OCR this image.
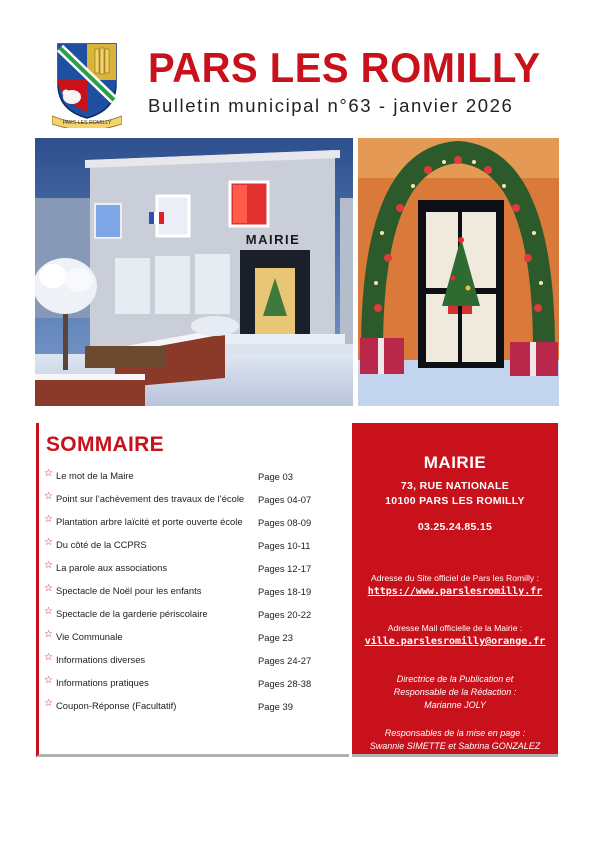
PARS LES ROMILLY
PARS LES ROMILLY
Bulletin municipal n°63 - janvier 2026
MAIRIE
SOMMAIRE
☆ Le mot de la Maire	Page 03
☆ Point sur l’achèvement des travaux de l’école Pages 04-07
☆ Plantation arbre laïcité et porte ouverte école Pages 08-09
☆ Du côté de la CCPRS	Pages 10-11
☆ La parole aux associations	Pages 12-17
☆ Spectacle de Noël pour les enfants	Pages 18-19
☆ Spectacle de la garderie périscolaire	Pages 20-22
☆ Vie Communale	Page 23
☆ Informations diverses	Pages 24-27
☆ Informations pratiques	Pages 28-38
☆ Coupon-Réponse (Facultatif)	Page 39
MAIRIE
73, RUE NATIONALE
10100 PARS LES ROMILLY
03.25.24.85.15
Adresse du Site officiel de Pars les Romilly :
https://www.parslesromilly.fr
Adresse Mail officielle de la Mairie :
ville.parslesromilly@orange.fr
Directrice de la Publication et
Responsable de la Rédaction :
Marianne JOLY
Responsables de la mise en page :
Swannie SIMETTE et Sabrina GONZALEZ
